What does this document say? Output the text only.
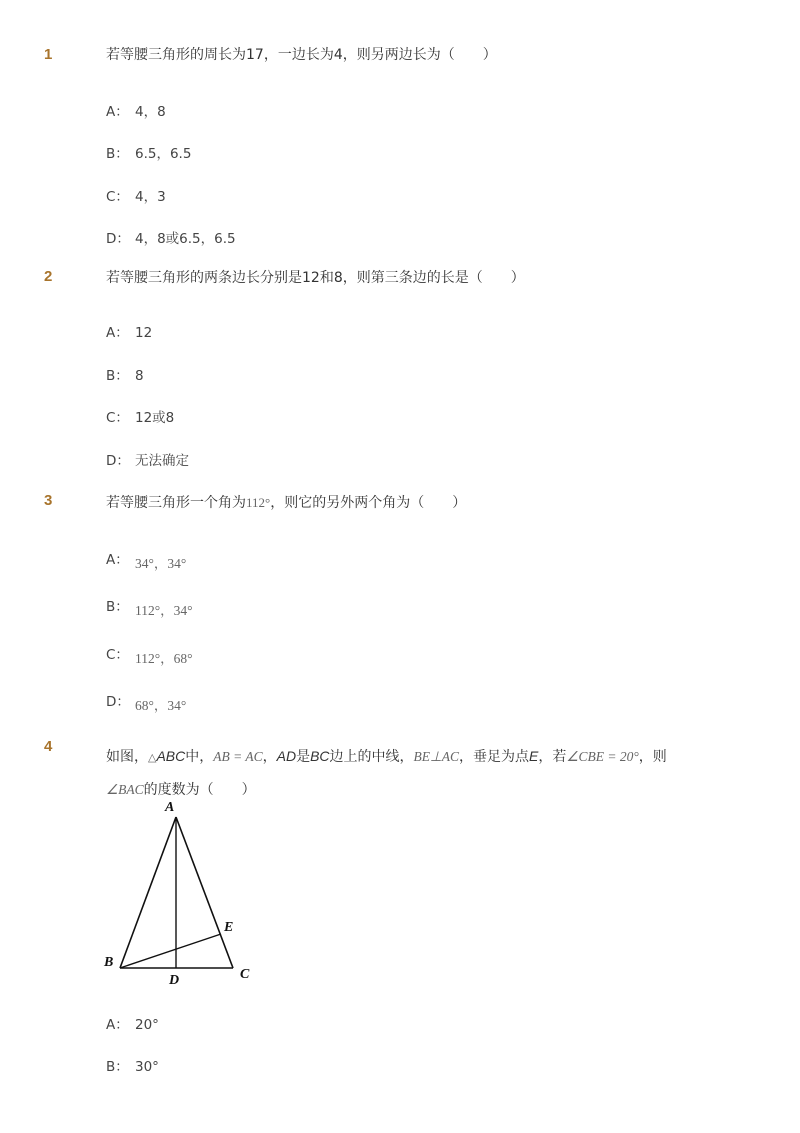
1	若等腰三角形的周长为17，一边长为4，则另两边长为（　　）
A： 4，8
B： 6.5，6.5
C： 4，3
D： 4，8或6.5，6.5
2	若等腰三角形的两条边长分别是12和8，则第三条边的长是（　　）
A： 12
B： 8
C： 12或8
D： 无法确定
3	若等腰三角形一个角为112°，则它的另外两个角为（　　）
A： 34°，34°
B： 112°，34°
C： 112°，68°
D： 68°，34°
4
如图，△ABC中，AB = AC，AD是BC边上的中线，BE⊥AC，垂足为点E，若∠CBE = 20°，则
∠BAC的度数为（　　）
A
B
C
D
E
A： 20°
B： 30°
